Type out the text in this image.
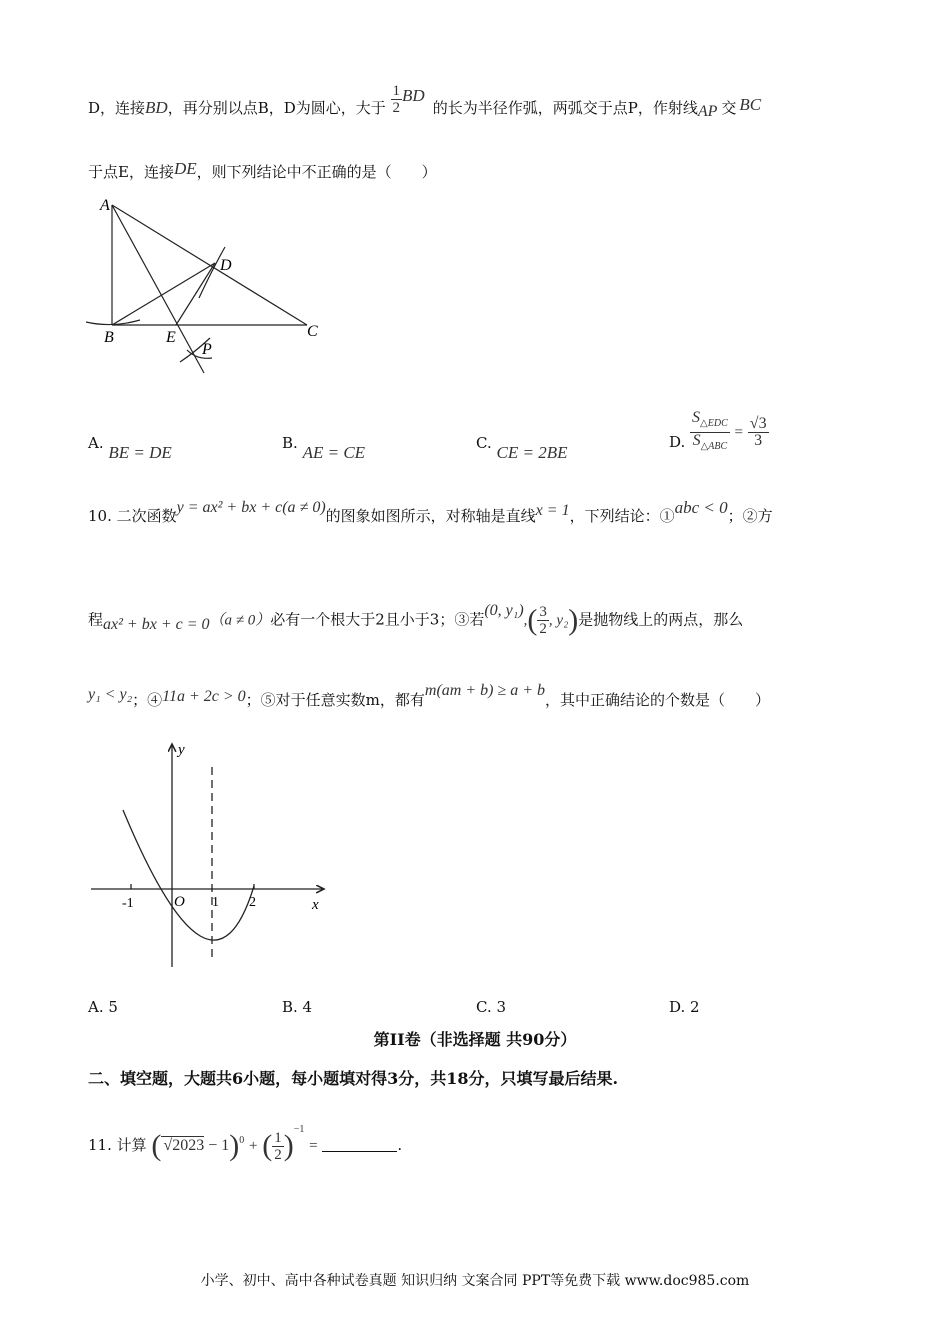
D，连接BD，再分别以点B，D为圆心，大于 $\frac{1}{2}$ BD的长为半径作弧，两弧交于点P，作射线AP 交 BC
于点E，连接DE，则下列结论中不正确的是（　　）
A
B	C
D
E
P
A. BE = DE	B. AE = CE	C. CE = 2BE
D. $\frac{S_{\triangle EDC}}{S_{\triangle ABC}} = \frac{√3}{3}$
10. 二次函数y = ax² + bx + c(a ≠ 0)的图象如图所示，对称轴是直线x = 1，下列结论：①abc < 0；②方
程ax² + bx + c = 0（a ≠ 0）必有一个根大于2且小于3；③若(0, $y_1),( \frac{3}{2}$ , y₂)是抛物线上的两点，那么
y₁ < y₂；④11a + 2c > 0；⑤对于任意实数m，都有m(am + b) ≥ a + b，其中正确结论的个数是（　　）
y
x
O
-1	1 2
A. 5	B. 4	C. 3	D. 2
第II卷（非选择题 共90分）
二、填空题，大题共6小题，每小题填对得3分，共18分，只填写最后结果.
11. 计算 ( √2023 − 1)$^0$ + ( $\frac{1}{2} )^{-1}$ =	.
小学、初中、高中各种试卷真题 知识归纳 文案合同 PPT等免费下载 www.doc985.com
